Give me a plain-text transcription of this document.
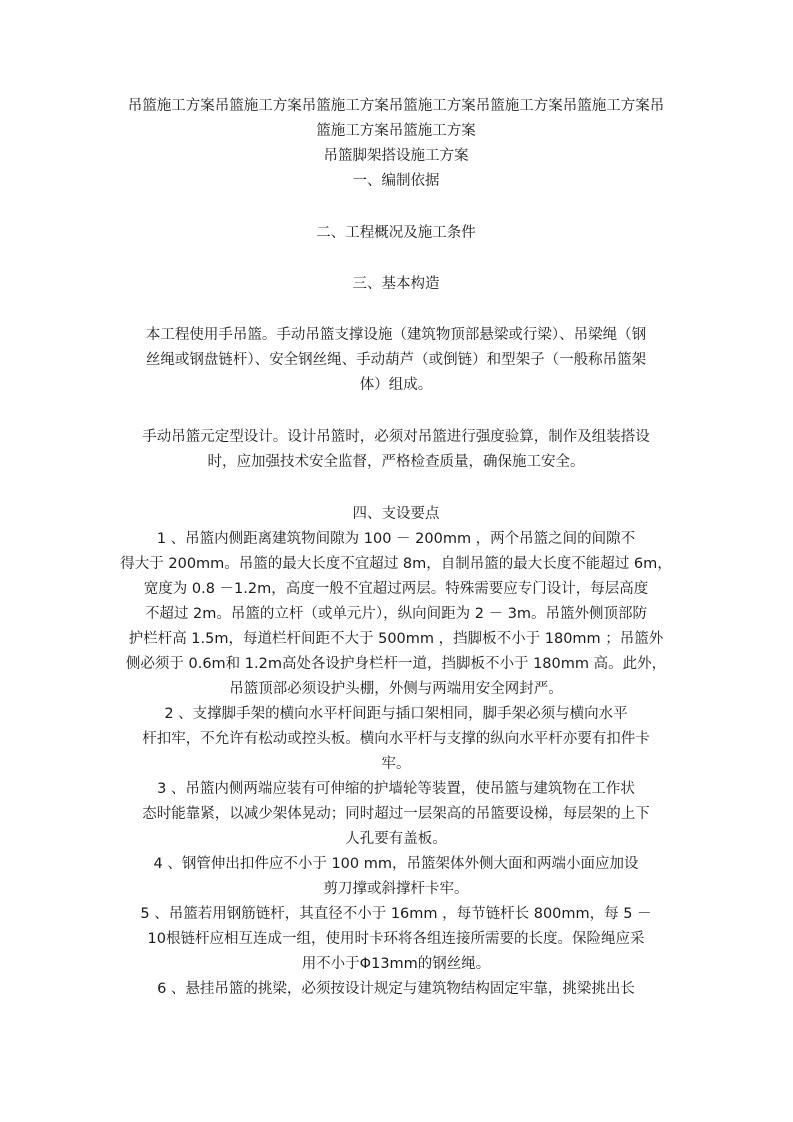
吊篮施工方案吊篮施工方案吊篮施工方案吊篮施工方案吊篮施工方案吊篮施工方案吊

篮施工方案吊篮施工方案

吊篮脚架搭设施工方案

一、编制依据

二、工程概况及施工条件

三、基本构造

本工程使用手吊篮。手动吊篮支撑设施（建筑物顶部悬梁或行梁）、吊梁绳（钢

丝绳或钢盘链杆）、安全钢丝绳、手动葫芦（或倒链）和型架子（一般称吊篮架

体）组成。

手动吊篮元定型设计。设计吊篮时，必须对吊篮进行强度验算，制作及组装搭设

时，应加强技术安全监督，严格检查质量，确保施工安全。

四、支设要点

1 、吊篮内侧距离建筑物间隙为 100 － 200mm ，两个吊篮之间的间隙不

得大于 200mm。吊篮的最大长度不宜超过 8m，自制吊篮的最大长度不能超过 6m，

宽度为 0.8 －1.2m，高度一般不宜超过两层。特殊需要应专门设计，每层高度

不超过 2m。吊篮的立杆（或单元片），纵向间距为 2 － 3m。吊篮外侧顶部防

护栏杆高 1.5m，每道栏杆间距不大于 500mm ，挡脚板不小于 180mm ；吊篮外

侧必须于 0.6m和 1.2m高处各设护身栏杆一道，挡脚板不小于 180mm 高。此外，

吊篮顶部必须设护头棚，外侧与两端用安全网封严。

2 、支撑脚手架的横向水平杆间距与插口架相同，脚手架必须与横向水平

杆扣牢，不允许有松动或控头板。横向水平杆与支撑的纵向水平杆亦要有扣件卡

牢。

3 、吊篮内侧两端应装有可伸缩的护墙轮等装置，使吊篮与建筑物在工作状

态时能靠紧，以减少架体晃动；同时超过一层架高的吊篮要设梯，每层架的上下

人孔要有盖板。

4 、钢管伸出扣件应不小于 100 mm，吊篮架体外侧大面和两端小面应加设

剪刀撑或斜撑杆卡牢。

5 、吊篮若用钢筋链杆，其直径不小于 16mm ，每节链杆长 800mm，每 5 －

10根链杆应相互连成一组，使用时卡环将各组连接所需要的长度。保险绳应采

用不小于Φ13mm的钢丝绳。

6 、悬挂吊篮的挑梁，必须按设计规定与建筑物结构固定牢靠，挑梁挑出长
